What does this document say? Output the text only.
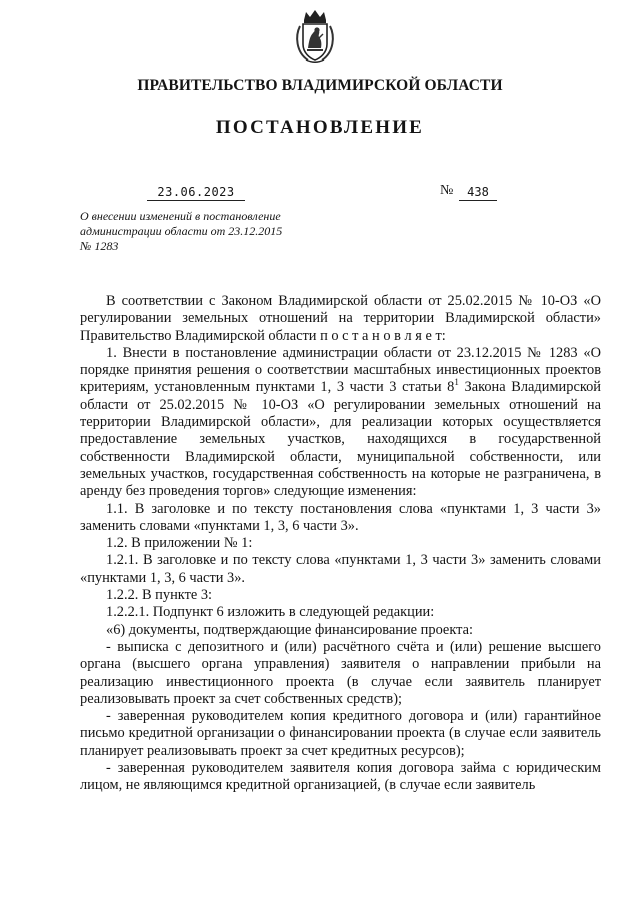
ПРАВИТЕЛЬСТВО ВЛАДИМИРСКОЙ ОБЛАСТИ
ПОСТАНОВЛЕНИЕ
23.06.2023	№	438
О внесении изменений в постановление
администрации области от 23.12.2015
№ 1283

В соответствии с Законом Владимирской области от 25.02.2015 № 10-ОЗ «О регулировании земельных отношений на территории Владимирской области» Правительство Владимирской области п о с т а н о в л я е т:

1. Внести в постановление администрации области от 23.12.2015 № 1283 «О порядке принятия решения о соответствии масштабных инвестиционных проектов критериям, установленным пунктами 1, 3 части 3 статьи $8^1$ Закона Владимирской области от 25.02.2015 № 10-ОЗ «О регулировании земельных отношений на территории Владимирской области», для реализации которых осуществляется предоставление земельных участков, находящихся в государственной собственности Владимирской области, муниципальной собственности, или земельных участков, государственная собственность на которые не разграничена, в аренду без проведения торгов» следующие изменения:

1.1. В заголовке и по тексту постановления слова «пунктами 1, 3 части 3» заменить словами «пунктами 1, 3, 6 части 3».

1.2. В приложении № 1:

1.2.1. В заголовке и по тексту слова «пунктами 1, 3 части 3» заменить словами «пунктами 1, 3, 6 части 3».

1.2.2. В пункте 3:

1.2.2.1. Подпункт 6 изложить в следующей редакции:

«6) документы, подтверждающие финансирование проекта:

- выписка с депозитного и (или) расчётного счёта и (или) решение высшего органа (высшего органа управления) заявителя о направлении прибыли на реализацию инвестиционного проекта (в случае если заявитель планирует реализовывать проект за счет собственных средств);

- заверенная руководителем копия кредитного договора и (или) гарантийное письмо кредитной организации о финансировании проекта (в случае если заявитель планирует реализовывать проект за счет кредитных ресурсов);

- заверенная руководителем заявителя копия договора займа с юридическим лицом, не являющимся кредитной организацией, (в случае если заявитель
